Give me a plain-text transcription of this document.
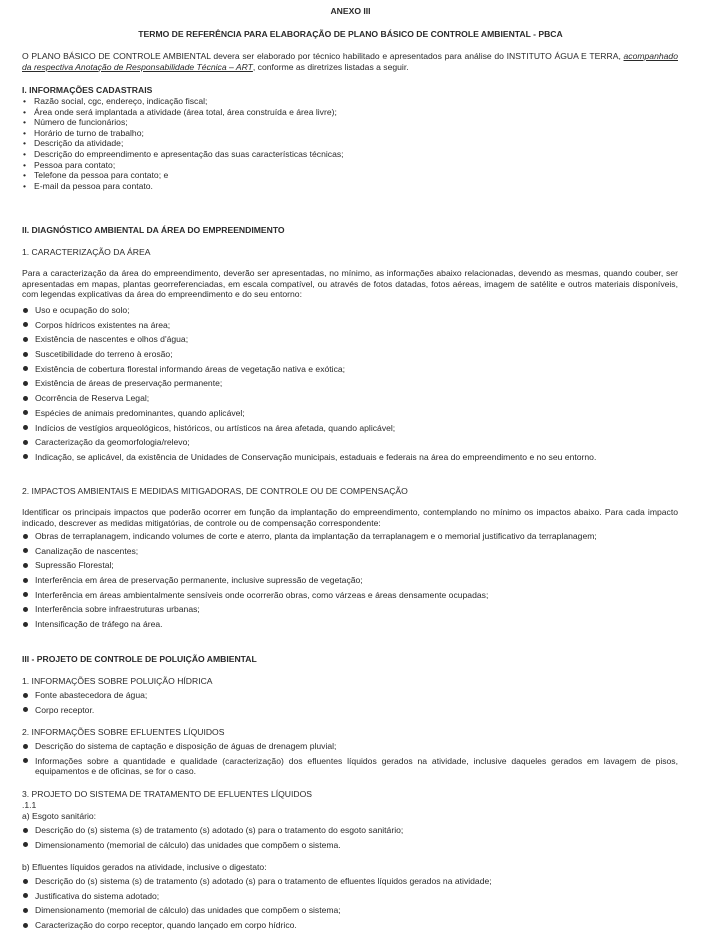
ANEXO III
TERMO DE REFERÊNCIA PARA ELABORAÇÃO DE PLANO BÁSICO DE CONTROLE AMBIENTAL - PBCA
O PLANO BÁSICO DE CONTROLE AMBIENTAL devera ser elaborado por técnico habilitado e apresentados para análise do INSTITUTO ÁGUA E TERRA, acompanhado da respectiva Anotação de Responsabilidade Técnica – ART, conforme as diretrizes listadas a seguir.
I. INFORMAÇÕES CADASTRAIS
• Razão social, cgc, endereço, indicação fiscal;
• Área onde será implantada a atividade (área total, área construída e área livre);
• Número de funcionários;
• Horário de turno de trabalho;
• Descrição da atividade;
• Descrição do empreendimento e apresentação das suas características técnicas;
• Pessoa para contato;
• Telefone da pessoa para contato; e
• E-mail da pessoa para contato.
II. DIAGNÓSTICO AMBIENTAL DA ÁREA DO EMPREENDIMENTO
1. CARACTERIZAÇÃO DA ÁREA
Para a caracterização da área do empreendimento, deverão ser apresentadas, no mínimo, as informações abaixo relacionadas, devendo as mesmas, quando couber, ser apresentadas em mapas, plantas georreferenciadas, em escala compatível, ou através de fotos datadas, fotos aéreas, imagem de satélite e outros materiais disponíveis, com legendas explicativas da área do empreendimento e do seu entorno:
Uso e ocupação do solo;
Corpos hídricos existentes na área;
Existência de nascentes e olhos d'água;
Suscetibilidade do terreno à erosão;
Existência de cobertura florestal informando áreas de vegetação nativa e exótica;
Existência de áreas de preservação permanente;
Ocorrência de Reserva Legal;
Espécies de animais predominantes, quando aplicável;
Indícios de vestígios arqueológicos, históricos, ou artísticos na área afetada, quando aplicável;
Caracterização da geomorfologia/relevo;
Indicação, se aplicável, da existência de Unidades de Conservação municipais, estaduais e federais na área do empreendimento e no seu entorno.
2. IMPACTOS AMBIENTAIS E MEDIDAS MITIGADORAS, DE CONTROLE OU DE COMPENSAÇÃO
Identificar os principais impactos que poderão ocorrer em função da implantação do empreendimento, contemplando no mínimo os impactos abaixo. Para cada impacto indicado, descrever as medidas mitigatórias, de controle ou de compensação correspondente:
Obras de terraplanagem, indicando volumes de corte e aterro, planta da implantação da terraplanagem e o memorial justificativo da terraplanagem;
Canalização de nascentes;
Supressão Florestal;
Interferência em área de preservação permanente, inclusive supressão de vegetação;
Interferência em áreas ambientalmente sensíveis onde ocorrerão obras, como várzeas e áreas densamente ocupadas;
Interferência sobre infraestruturas urbanas;
Intensificação de tráfego na área.
III - PROJETO DE CONTROLE DE POLUIÇÃO AMBIENTAL
1. INFORMAÇÕES SOBRE POLUIÇÃO HÍDRICA
Fonte abastecedora de água;
Corpo receptor.
2. INFORMAÇÕES SOBRE EFLUENTES LÍQUIDOS
Descrição do sistema de captação e disposição de águas de drenagem pluvial;
Informações sobre a quantidade e qualidade (caracterização) dos efluentes líquidos gerados na atividade, inclusive daqueles gerados em lavagem de pisos, equipamentos e de oficinas, se for o caso.
3. PROJETO DO SISTEMA DE TRATAMENTO DE EFLUENTES LÍQUIDOS
.1.1
a) Esgoto sanitário:
Descrição do (s) sistema (s) de tratamento (s) adotado (s) para o tratamento do esgoto sanitário;
Dimensionamento (memorial de cálculo) das unidades que compõem o sistema.
b) Efluentes líquidos gerados na atividade, inclusive o digestato:
Descrição do (s) sistema (s) de tratamento (s) adotado (s) para o tratamento de efluentes líquidos gerados na atividade;
Justificativa do sistema adotado;
Dimensionamento (memorial de cálculo) das unidades que compõem o sistema;
Caracterização do corpo receptor, quando lançado em corpo hídrico.
